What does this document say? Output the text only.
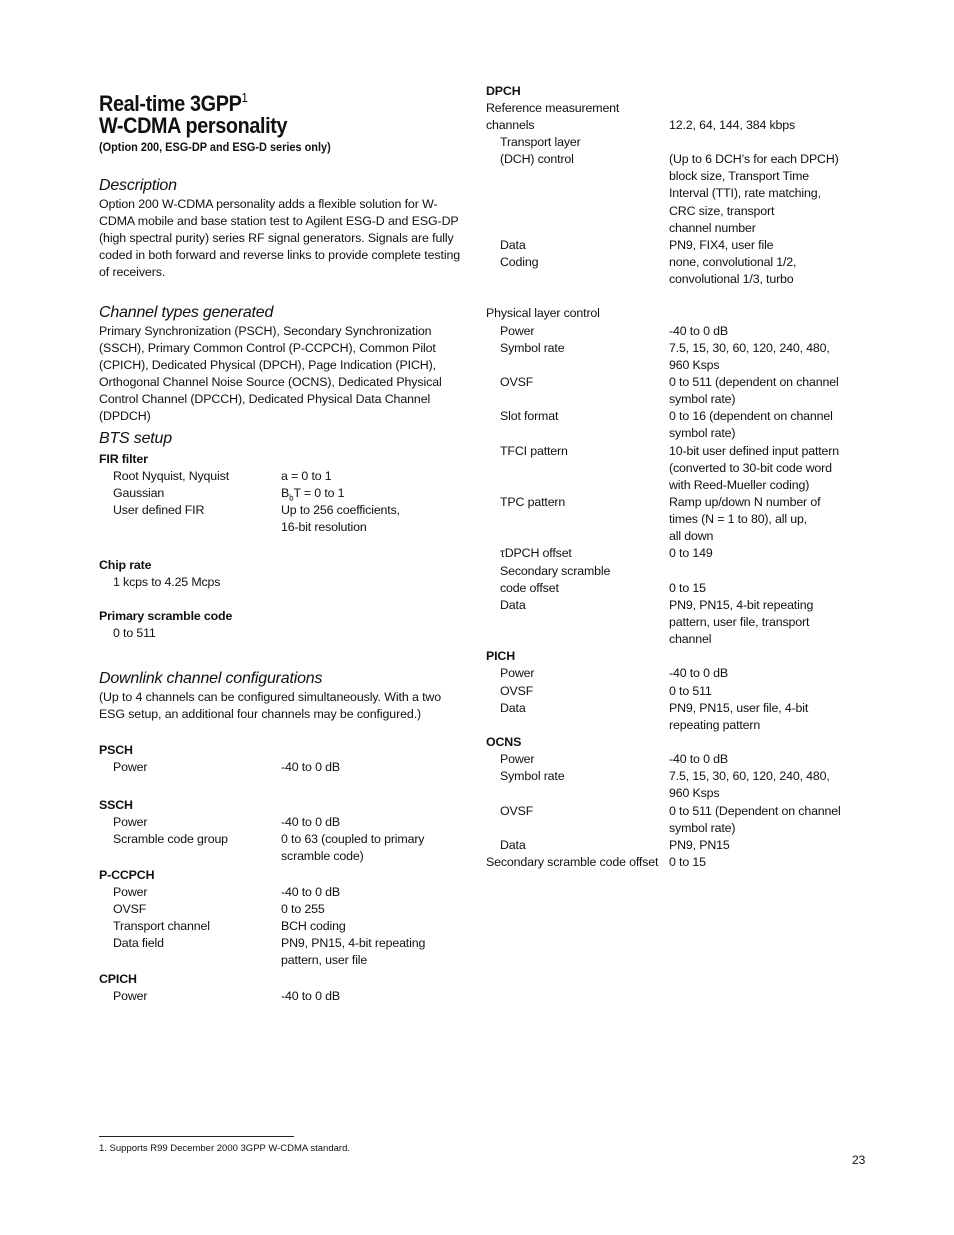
Real-time 3GPP$^1$
W-CDMA personality
(Option 200, ESG-DP and ESG-D series only)
Description
Option 200 W-CDMA personality adds a flexible solution for W-CDMA mobile and base station test to Agilent ESG-D and ESG-DP (high spectral purity) series RF signal generators. Signals are fully coded in both forward and reverse links to provide complete testing of receivers.
Channel types generated
Primary Synchronization (PSCH), Secondary Synchronization (SSCH), Primary Common Control (P-CCPCH), Common Pilot (CPICH), Dedicated Physical (DPCH), Page Indication (PICH), Orthogonal Channel Noise Source (OCNS), Dedicated Physical Control Channel (DPCCH), Dedicated Physical Data Channel (DPDCH)
BTS setup
FIR filter
Root Nyquist, Nyquist	a = 0 to 1
Gaussian	$B_bT = 0$ to 1
User defined FIR	Up to 256 coefficients,
16-bit resolution
Chip rate
1 kcps to 4.25 Mcps
Primary scramble code
0 to 511
Downlink channel configurations
(Up to 4 channels can be configured simultaneously. With a two ESG setup, an additional four channels may be configured.)
PSCH
Power	-40 to 0 dB
SSCH
Power	-40 to 0 dB
Scramble code group	0 to 63 (coupled to primary
scramble code)
P-CCPCH
Power	-40 to 0 dB
OVSF	0 to 255
Transport channel	BCH coding
Data field	PN9, PN15, 4-bit repeating
pattern, user file
CPICH
Power	-40 to 0 dB
DPCH
Reference measurement
channels	12.2, 64, 144, 384 kbps
Transport layer
(DCH) control	(Up to 6 DCH’s for each DPCH)
block size, Transport Time
Interval (TTI), rate matching,
CRC size, transport
channel number
Data	PN9, FIX4, user file
Coding	none, convolutional 1/2,
convolutional 1/3, turbo
Physical layer control
Power	-40 to 0 dB
Symbol rate	7.5, 15, 30, 60, 120, 240, 480,
960 Ksps
OVSF	0 to 511 (dependent on channel
symbol rate)
Slot format	0 to 16 (dependent on channel
symbol rate)
TFCI pattern	10-bit user defined input pattern
(converted to 30-bit code word
with Reed-Mueller coding)
TPC pattern	Ramp up/down N number of
times (N = 1 to 80), all up,
all down
τDPCH offset	0 to 149
Secondary scramble
code offset	0 to 15
Data	PN9, PN15, 4-bit repeating
pattern, user file, transport
channel
PICH
Power	-40 to 0 dB
OVSF	0 to 511
Data	PN9, PN15, user file, 4-bit
repeating pattern
OCNS
Power	-40 to 0 dB
Symbol rate	7.5, 15, 30, 60, 120, 240, 480,
960 Ksps
OVSF	0 to 511 (Dependent on channel
symbol rate)
Data	PN9, PN15
Secondary scramble code offset 0 to 15
1. Supports R99 December 2000 3GPP W-CDMA standard.
23
